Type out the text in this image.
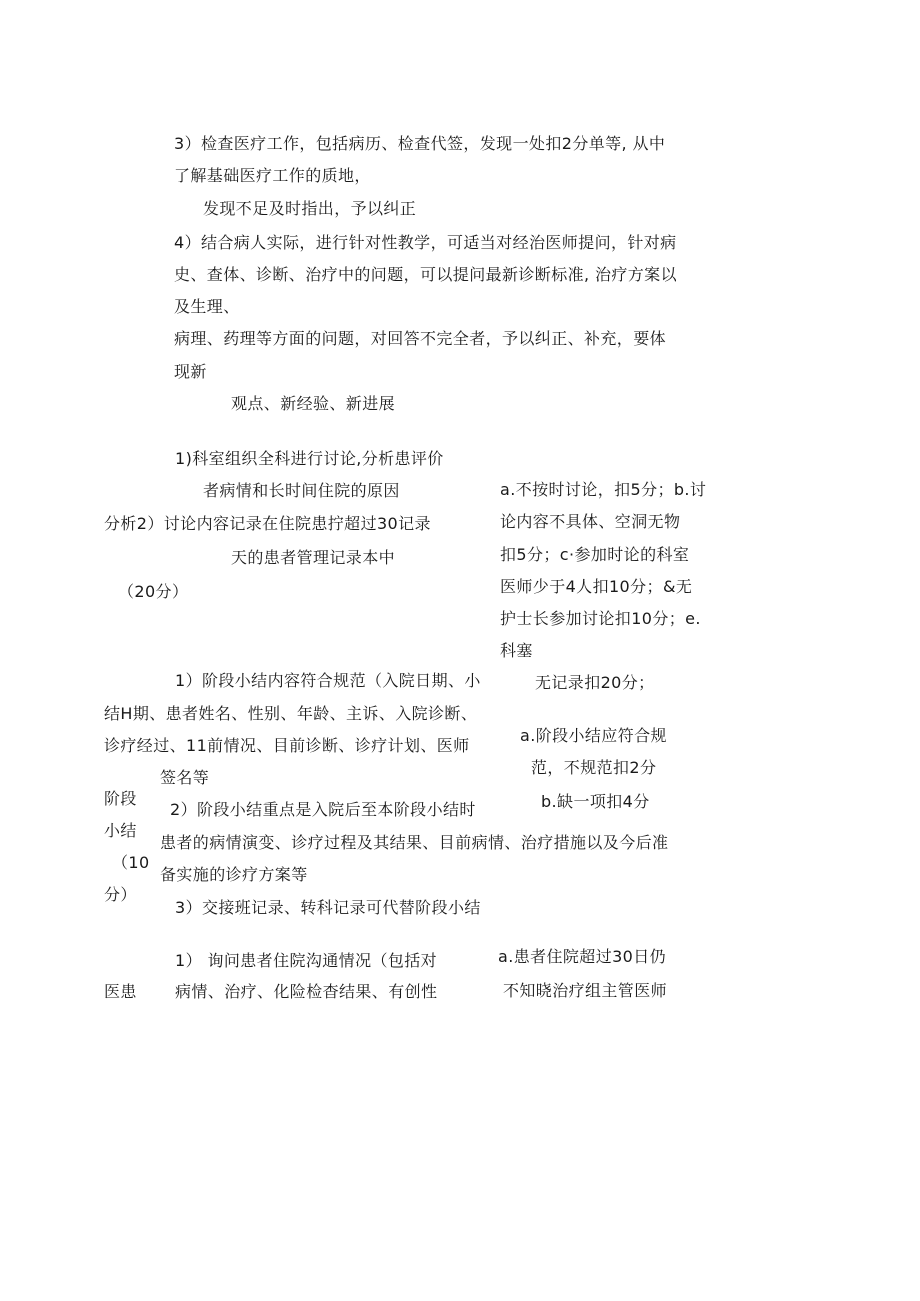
3）检查医疗工作，包括病历、检查代签，发现一处扣2分单等, 从中
了解基础医疗工作的质地，
发现不足及时指出，予以纠正
4）结合病人实际，进行针对性教学，可适当对经治医师提问，针对病
史、查体、诊断、治疗中的问题，可以提问最新诊断标准, 治疗方案以
及生理、
病理、药理等方面的问题，对回答不完全者，予以纠正、补充，要体
现新
观点、新经验、新进展
1)科室组织全科进行讨论,分析患评价
者病情和长时间住院的原因
分析2）讨论内容记录在住院患拧超过30记录
天的患者管理记录本中
（20分）
a.不按时讨论，扣5分；b.讨
论内容不具体、空洞无物
扣5分；c·参加时论的科室
医师少于4人扣10分；&无
护士长参加讨论扣10分；e.
科塞
无记录扣20分；
1）阶段小结内容符合规范（入院日期、小
结H期、患者姓名、性别、年龄、主诉、入院诊断、
诊疗经过、11前情况、目前诊断、诊疗计划、医师
签名等
阶段
2）阶段小结重点是入院后至本阶段小结时
小结
患者的病情演变、诊疗过程及其结果、目前病情、治疗措施以及今后准
（10
备实施的诊疗方案等
分）
3）交接班记录、转科记录可代替阶段小结
a.阶段小结应符合规
范，不规范扣2分
b.缺一项扣4分
1） 询问患者住院沟通情况（包括对
医患 病情、治疗、化险检杳结果、有创性
a.患者住院超过30日仍
不知晓治疗组主管医师
